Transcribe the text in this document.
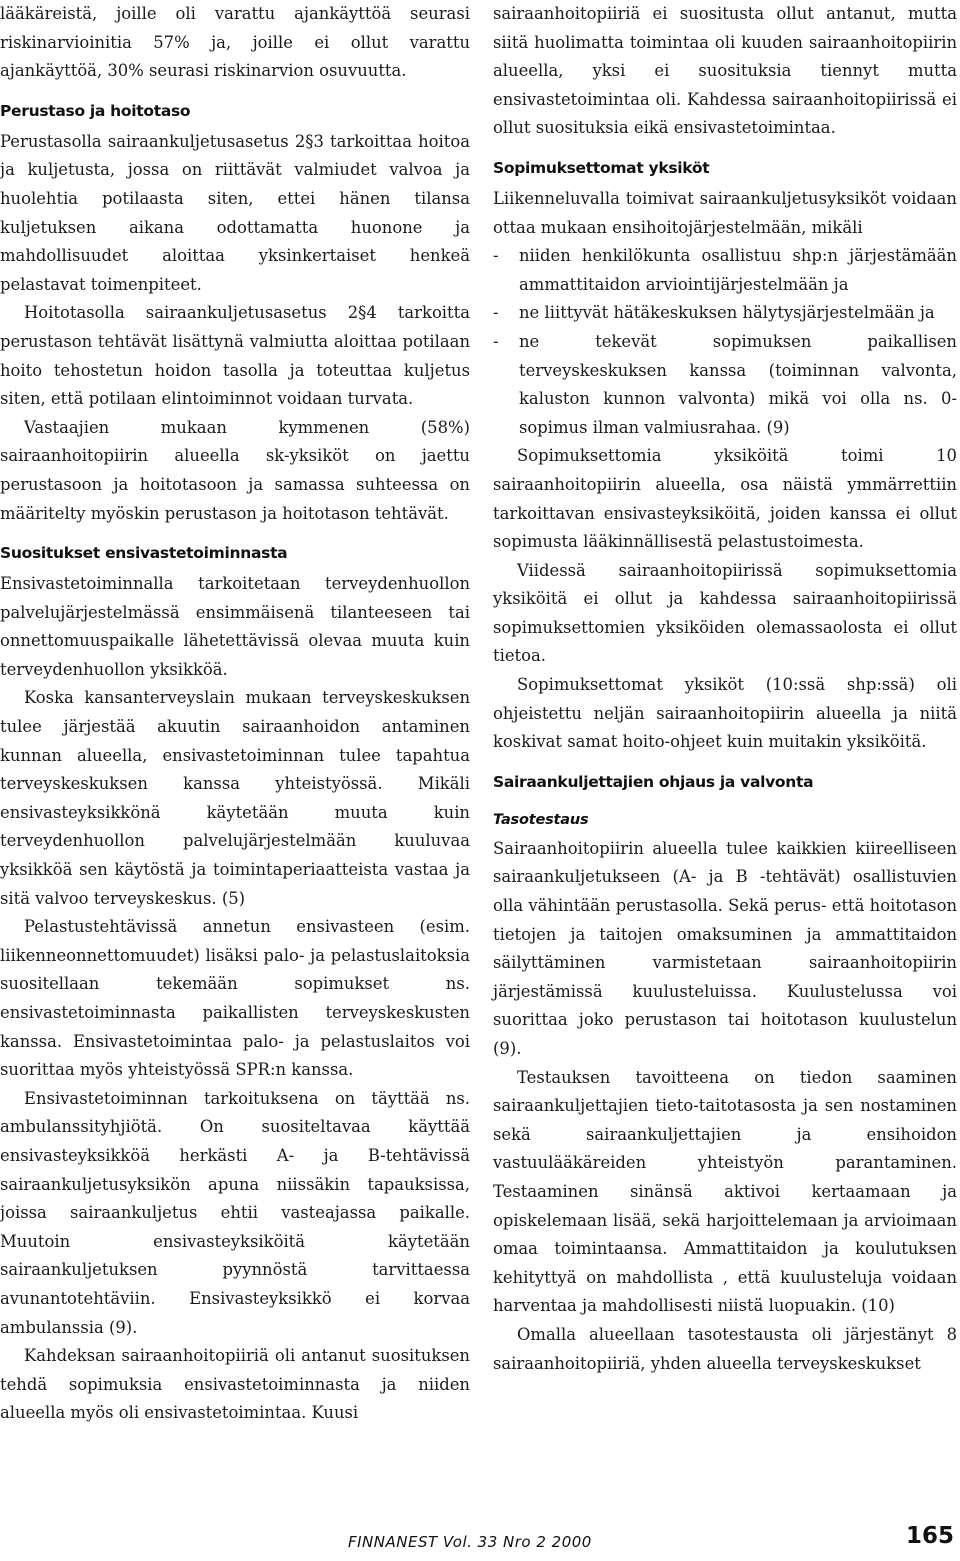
lääkäreistä, joille oli varattu ajankäyttöä seurasi riskinarvioinitia 57% ja, joille ei ollut varattu ajankäyttöä, 30% seurasi riskinarvion osuvuutta.

Perustaso ja hoitotaso

Perustasolla sairaankuljetusasetus 2§3 tarkoittaa hoitoa ja kuljetusta, jossa on riittävät valmiudet valvoa ja huolehtia potilaasta siten, ettei hänen tilansa kuljetuksen aikana odottamatta huonone ja mahdollisuudet aloittaa yksinkertaiset henkeä pelastavat toimenpiteet.

Hoitotasolla sairaankuljetusasetus 2§4 tarkoitta perustason tehtävät lisättynä valmiutta aloittaa potilaan hoito tehostetun hoidon tasolla ja toteuttaa kuljetus siten, että potilaan elintoiminnot voidaan turvata.

Vastaajien mukaan kymmenen (58%) sairaanhoitopiirin alueella sk-yksiköt on jaettu perustasoon ja hoitotasoon ja samassa suhteessa on määritelty myöskin perustason ja hoitotason tehtävät.

Suositukset ensivastetoiminnasta

Ensivastetoiminnalla tarkoitetaan terveydenhuollon palvelujärjestelmässä ensimmäisenä tilanteeseen tai onnettomuuspaikalle lähetettävissä olevaa muuta kuin terveydenhuollon yksikköä.

Koska kansanterveyslain mukaan terveyskeskuksen tulee järjestää akuutin sairaanhoidon antaminen kunnan alueella, ensivastetoiminnan tulee tapahtua terveyskeskuksen kanssa yhteistyössä. Mikäli ensivasteyksikkönä käytetään muuta kuin terveydenhuollon palvelujärjestelmään kuuluvaa yksikköä sen käytöstä ja toimintaperiaatteista vastaa ja sitä valvoo terveyskeskus. (5)

Pelastustehtävissä annetun ensivasteen (esim. liikenneonnettomuudet) lisäksi palo- ja pelastuslaitoksia suositellaan tekemään sopimukset ns. ensivastetoiminnasta paikallisten terveyskeskusten kanssa. Ensivastetoimintaa palo- ja pelastuslaitos voi suorittaa myös yhteistyössä SPR:n kanssa.

Ensivastetoiminnan tarkoituksena on täyttää ns. ambulanssityhjiötä. On suositeltavaa käyttää ensivasteyksikköä herkästi A- ja B-tehtävissä sairaankuljetusyksikön apuna niissäkin tapauksissa, joissa sairaankuljetus ehtii vasteajassa paikalle. Muutoin ensivasteyksiköitä käytetään sairaankuljetuksen pyynnöstä tarvittaessa avunantotehtäviin. Ensivasteyksikkö ei korvaa ambulanssia (9).

Kahdeksan sairaanhoitopiiriä oli antanut suosituksen tehdä sopimuksia ensivastetoiminnasta ja niiden alueella myös oli ensivastetoimintaa. Kuusi

sairaanhoitopiiriä ei suositusta ollut antanut, mutta siitä huolimatta toimintaa oli kuuden sairaanhoitopiirin alueella, yksi ei suosituksia tiennyt mutta ensivastetoimintaa oli. Kahdessa sairaanhoitopiirissä ei ollut suosituksia eikä ensivastetoimintaa.

Sopimuksettomat yksiköt

Liikenneluvalla toimivat sairaankuljetusyksiköt voidaan ottaa mukaan ensihoitojärjestelmään, mikäli

- niiden henkilökunta osallistuu shp:n järjestämään ammattitaidon arviointijärjestelmään ja
- ne liittyvät hätäkeskuksen hälytysjärjestelmään ja
- ne tekevät sopimuksen paikallisen terveyskeskuksen kanssa (toiminnan valvonta, kaluston kunnon valvonta) mikä voi olla ns. 0-sopimus ilman valmiusrahaa. (9)

Sopimuksettomia yksiköitä toimi 10 sairaanhoitopiirin alueella, osa näistä ymmärrettiin tarkoittavan ensivasteyksiköitä, joiden kanssa ei ollut sopimusta lääkinnällisestä pelastustoimesta.

Viidessä sairaanhoitopiirissä sopimuksettomia yksiköitä ei ollut ja kahdessa sairaanhoitopiirissä sopimuksettomien yksiköiden olemassaolosta ei ollut tietoa.

Sopimuksettomat yksiköt (10:ssä shp:ssä) oli ohjeistettu neljän sairaanhoitopiirin alueella ja niitä koskivat samat hoito-ohjeet kuin muitakin yksiköitä.

Sairaankuljettajien ohjaus ja valvonta
Tasotestaus

Sairaanhoitopiirin alueella tulee kaikkien kiireelliseen sairaankuljetukseen (A- ja B -tehtävät) osallistuvien olla vähintään perustasolla. Sekä perus- että hoitotason tietojen ja taitojen omaksuminen ja ammattitaidon säilyttäminen varmistetaan sairaanhoitopiirin järjestämissä kuulusteluissa. Kuulustelussa voi suorittaa joko perustason tai hoitotason kuulustelun (9).

Testauksen tavoitteena on tiedon saaminen sairaankuljettajien tieto-taitotasosta ja sen nostaminen sekä sairaankuljettajien ja ensihoidon vastuulääkäreiden yhteistyön parantaminen. Testaaminen sinänsä aktivoi kertaamaan ja opiskelemaan lisää, sekä harjoittelemaan ja arvioimaan omaa toimintaansa. Ammattitaidon ja koulutuksen kehityttyä on mahdollista , että kuulusteluja voidaan harventaa ja mahdollisesti niistä luopuakin. (10)

Omalla alueellaan tasotestausta oli järjestänyt 8 sairaanhoitopiiriä, yhden alueella terveyskeskukset

FINNANEST Vol. 33 Nro 2 2000	165
